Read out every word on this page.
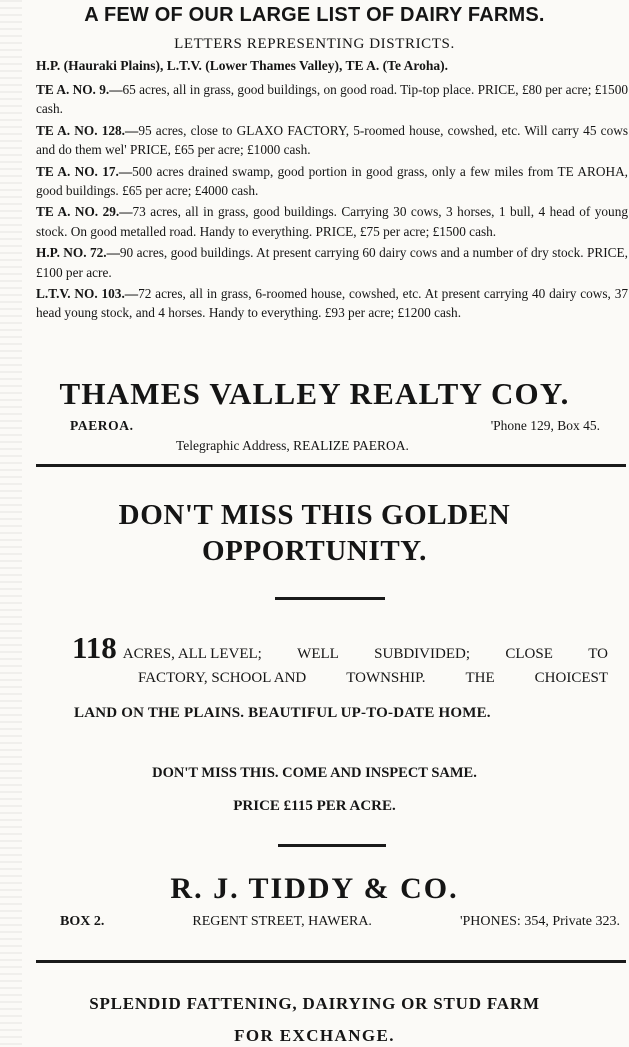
A FEW OF OUR LARGE LIST OF DAIRY FARMS.
LETTERS REPRESENTING DISTRICTS.
H.P. (Hauraki Plains), L.T.V. (Lower Thames Valley), TE A. (Te Aroha).

TE A. NO. 9.—65 acres, all in grass, good buildings, on good road. Tip-top place. PRICE, £80 per acre; £1500 cash.

TE A. NO. 128.—95 acres, close to GLAXO FACTORY, 5-roomed house, cowshed, etc. Will carry 45 cows and do them wel' PRICE, £65 per acre; £1000 cash.

TE A. NO. 17.—500 acres drained swamp, good portion in good grass, only a few miles from TE AROHA, good buildings. £65 per acre; £4000 cash.

TE A. NO. 29.—73 acres, all in grass, good buildings. Carrying 30 cows, 3 horses, 1 bull, 4 head of young stock. On good metalled road. Handy to everything. PRICE, £75 per acre; £1500 cash.

H.P. NO. 72.—90 acres, good buildings. At present carrying 60 dairy cows and a number of dry stock. PRICE, £100 per acre.

L.T.V. NO. 103.—72 acres, all in grass, 6-roomed house, cowshed, etc. At present carrying 40 dairy cows, 37 head young stock, and 4 horses. Handy to everything. £93 per acre; £1200 cash.

THAMES VALLEY REALTY COY.
PAEROA.	'Phone 129, Box 45.
Telegraphic Address, REALIZE PAEROA.
DON'T MISS THIS GOLDEN
OPPORTUNITY.
118 ACRES, ALL LEVEL; WELL SUBDIVIDED; CLOSE TO
FACTORY, SCHOOL AND	TOWNSHIP.	THE	CHOICEST
LAND ON THE PLAINS. BEAUTIFUL UP-TO-DATE HOME.
DON'T MISS THIS. COME AND INSPECT SAME.
PRICE £115 PER ACRE.
R. J. TIDDY & CO.
BOX 2.	REGENT STREET, HAWERA.	'PHONES: 354, Private 323.
SPLENDID FATTENING, DAIRYING OR STUD FARM
FOR EXCHANGE.
